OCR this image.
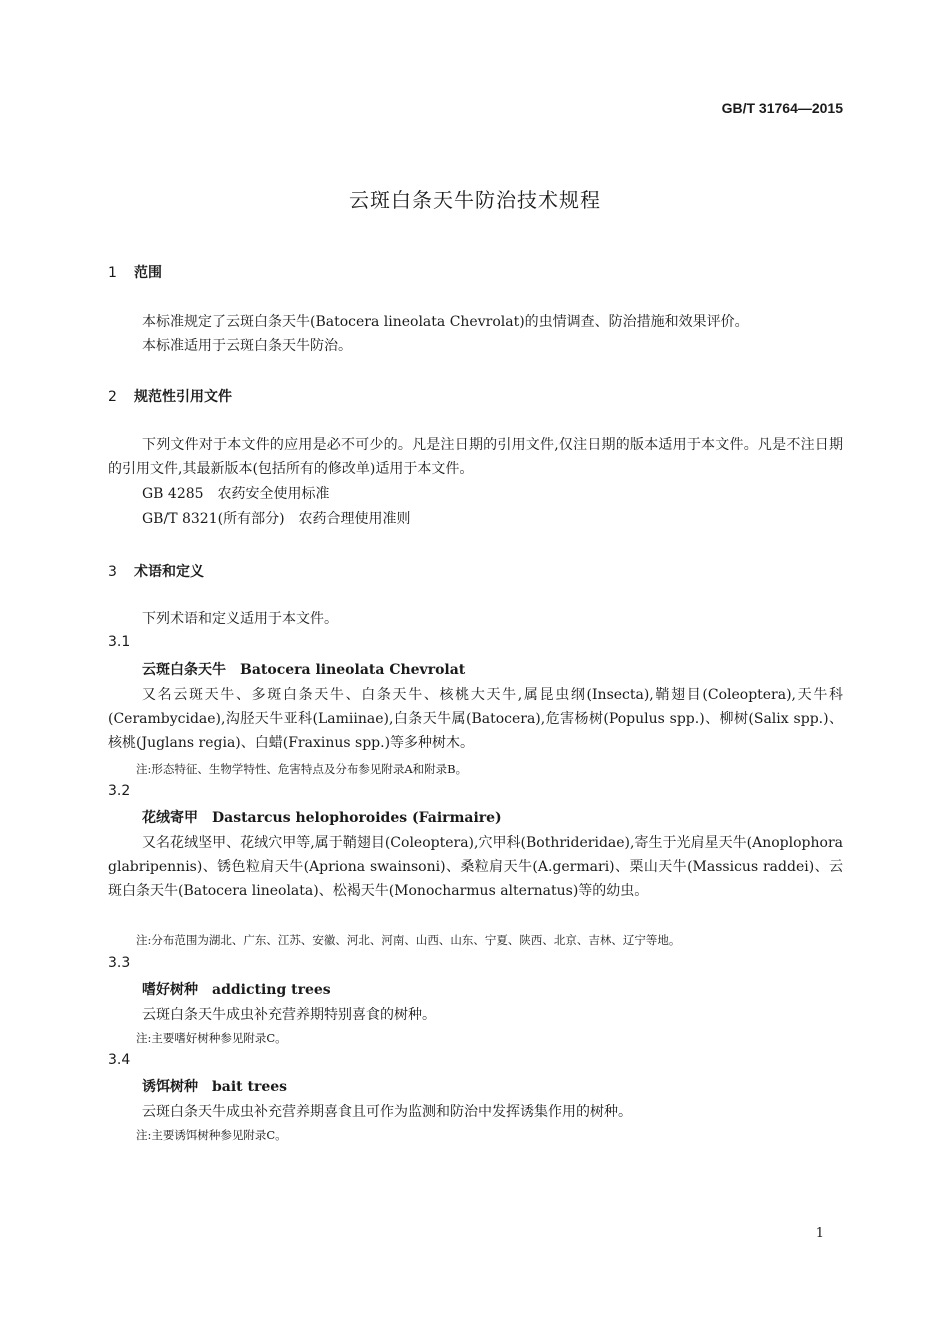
GB/T 31764—2015
云斑白条天牛防治技术规程
1 范围
本标准规定了云斑白条天牛(Batocera lineolata Chevrolat)的虫情调查、防治措施和效果评价。
本标准适用于云斑白条天牛防治。
2 规范性引用文件
下列文件对于本文件的应用是必不可少的。凡是注日期的引用文件,仅注日期的版本适用于本文件。凡是不注日期的引用文件,其最新版本(包括所有的修改单)适用于本文件。
GB 4285　农药安全使用标准
GB/T 8321(所有部分)　农药合理使用准则
3 术语和定义
下列术语和定义适用于本文件。
3.1
云斑白条天牛 Batocera lineolata Chevrolat
又名云斑天牛、多斑白条天牛、白条天牛、核桃大天牛,属昆虫纲(Insecta),鞘翅目(Coleoptera),天牛科(Cerambycidae),沟胫天牛亚科(Lamiinae),白条天牛属(Batocera),危害杨树(Populus spp.)、柳树(Salix spp.)、核桃(Juglans regia)、白蜡(Fraxinus spp.)等多种树木。
注:形态特征、生物学特性、危害特点及分布参见附录A和附录B。
3.2
花绒寄甲 Dastarcus helophoroides (Fairmaire)
又名花绒坚甲、花绒穴甲等,属于鞘翅目(Coleoptera),穴甲科(Bothrideridae),寄生于光肩星天牛(Anoplophora glabripennis)、锈色粒肩天牛(Apriona swainsoni)、桑粒肩天牛(A.germari)、栗山天牛(Massicus raddei)、云斑白条天牛(Batocera lineolata)、松褐天牛(Monocharmus alternatus)等的幼虫。
注:分布范围为湖北、广东、江苏、安徽、河北、河南、山西、山东、宁夏、陕西、北京、吉林、辽宁等地。
3.3
嗜好树种 addicting trees
云斑白条天牛成虫补充营养期特别喜食的树种。
注:主要嗜好树种参见附录C。
3.4
诱饵树种 bait trees
云斑白条天牛成虫补充营养期喜食且可作为监测和防治中发挥诱集作用的树种。
注:主要诱饵树种参见附录C。
1
